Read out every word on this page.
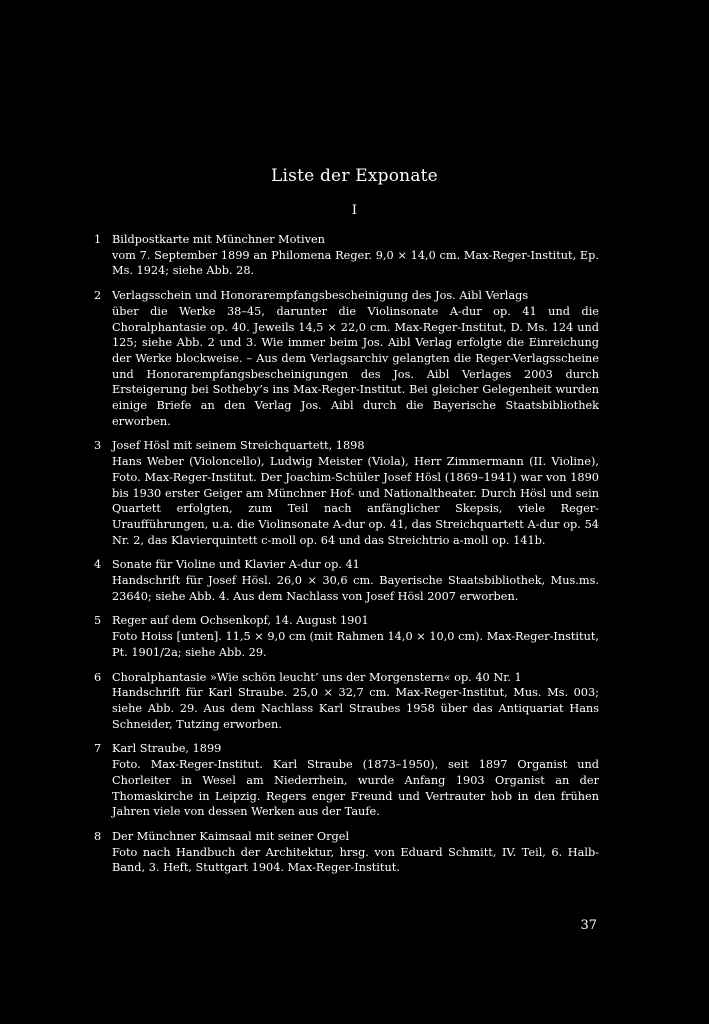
Liste der Exponate
I
1 Bildpostkarte mit Münchner Motiven
vom 7. September 1899 an Philomena Reger. 9,0 × 14,0 cm. Max-Reger-Institut, Ep. Ms. 1924; siehe Abb. 28.
2 Verlagsschein und Honorarempfangsbescheinigung des Jos. Aibl Verlags
über die Werke 38–45, darunter die Violinsonate A-dur op. 41 und die Choralphantasie op. 40. Jeweils 14,5 × 22,0 cm. Max-Reger-Institut, D. Ms. 124 und 125; siehe Abb. 2 und 3. Wie immer beim Jos. Aibl Verlag erfolgte die Einreichung der Werke blockweise. – Aus dem Verlagsarchiv gelangten die Reger-Verlagsscheine und Honorarempfangsbescheinigungen des Jos. Aibl Verlages 2003 durch Ersteigerung bei Sotheby’s ins Max-Reger-Institut. Bei gleicher Gelegenheit wurden einige Briefe an den Verlag Jos. Aibl durch die Bayerische Staatsbibliothek erworben.
3 Josef Hösl mit seinem Streichquartett, 1898
Hans Weber (Violoncello), Ludwig Meister (Viola), Herr Zimmermann (II. Violine), Foto. Max-Reger-Institut. Der Joachim-Schüler Josef Hösl (1869–1941) war von 1890 bis 1930 erster Geiger am Münchner Hof- und Nationaltheater. Durch Hösl und sein Quartett erfolgten, zum Teil nach anfänglicher Skepsis, viele Reger-Uraufführungen, u.a. die Violinsonate A-dur op. 41, das Streichquartett A-dur op. 54 Nr. 2, das Klavierquintett c-moll op. 64 und das Streichtrio a-moll op. 141b.
4 Sonate für Violine und Klavier A-dur op. 41
Handschrift für Josef Hösl. 26,0 × 30,6 cm. Bayerische Staatsbibliothek, Mus.ms. 23640; siehe Abb. 4. Aus dem Nachlass von Josef Hösl 2007 erworben.
5 Reger auf dem Ochsenkopf, 14. August 1901
Foto Hoiss [unten]. 11,5 × 9,0 cm (mit Rahmen 14,0 × 10,0 cm). Max-Reger-Institut, Pt. 1901/2a; siehe Abb. 29.
6 Choralphantasie »Wie schön leucht’ uns der Morgenstern« op. 40 Nr. 1
Handschrift für Karl Straube. 25,0 × 32,7 cm. Max-Reger-Institut, Mus. Ms. 003; siehe Abb. 29. Aus dem Nachlass Karl Straubes 1958 über das Antiquariat Hans Schneider, Tutzing erworben.
7 Karl Straube, 1899
Foto. Max-Reger-Institut. Karl Straube (1873–1950), seit 1897 Organist und Chorleiter in Wesel am Niederrhein, wurde Anfang 1903 Organist an der Thomaskirche in Leipzig. Regers enger Freund und Vertrauter hob in den frühen Jahren viele von dessen Werken aus der Taufe.
8 Der Münchner Kaimsaal mit seiner Orgel
Foto nach Handbuch der Architektur, hrsg. von Eduard Schmitt, IV. Teil, 6. Halb-Band, 3. Heft, Stuttgart 1904. Max-Reger-Institut.
37
